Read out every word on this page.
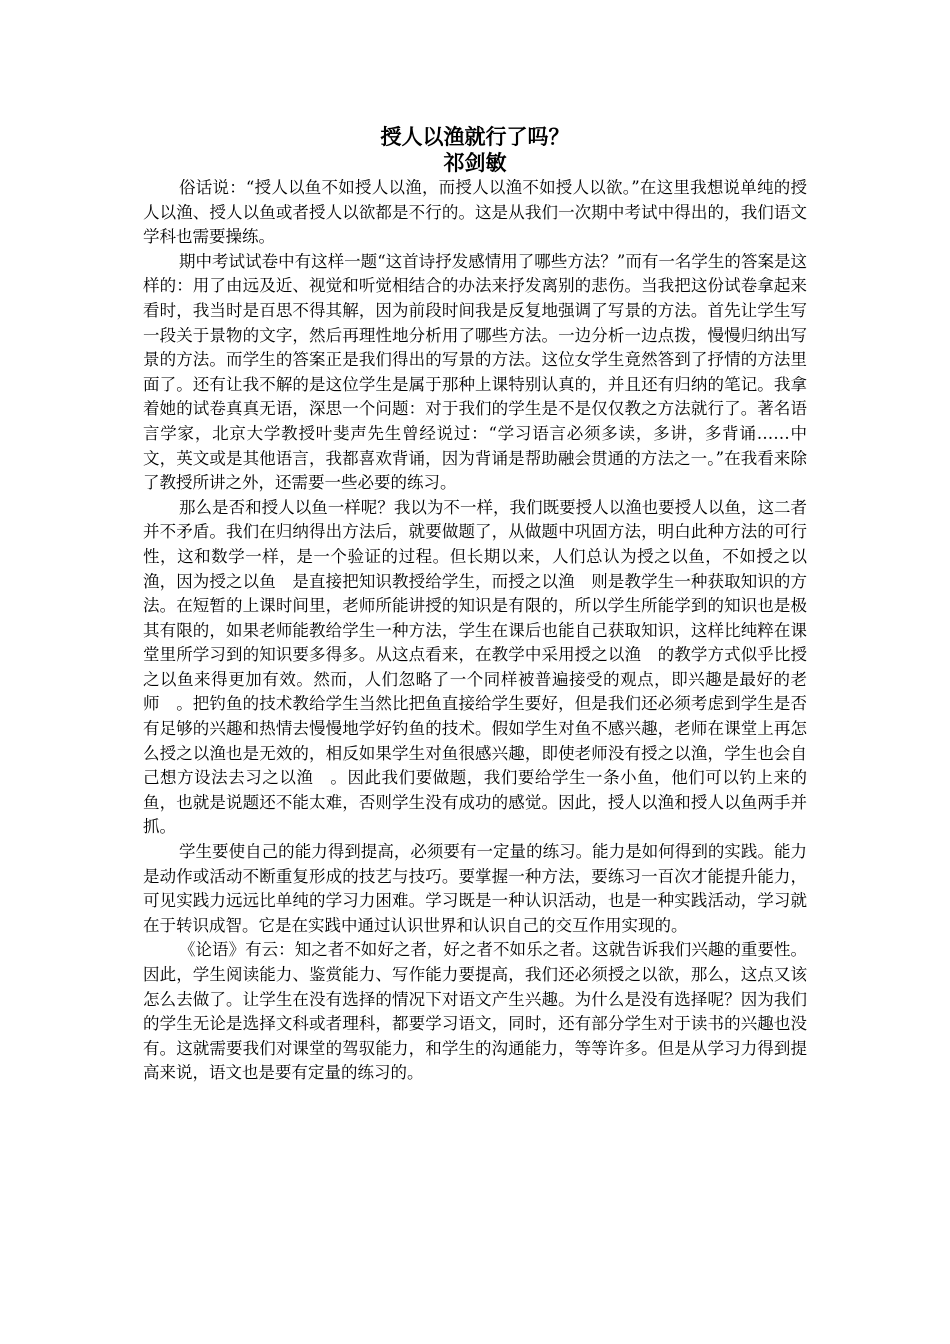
授人以渔就行了吗？
祁剑敏

俗话说：“授人以鱼不如授人以渔，而授人以渔不如授人以欲。”在这里我想说单纯的授人以渔、授人以鱼或者授人以欲都是不行的。这是从我们一次期中考试中得出的，我们语文学科也需要操练。

期中考试试卷中有这样一题“这首诗抒发感情用了哪些方法？”而有一名学生的答案是这样的：用了由远及近、视觉和听觉相结合的办法来抒发离别的悲伤。当我把这份试卷拿起来看时，我当时是百思不得其解，因为前段时间我是反复地强调了写景的方法。首先让学生写一段关于景物的文字，然后再理性地分析用了哪些方法。一边分析一边点拨，慢慢归纳出写景的方法。而学生的答案正是我们得出的写景的方法。这位女学生竟然答到了抒情的方法里面了。还有让我不解的是这位学生是属于那种上课特别认真的，并且还有归纳的笔记。我拿着她的试卷真真无语，深思一个问题：对于我们的学生是不是仅仅教之方法就行了。著名语言学家，北京大学教授叶斐声先生曾经说过：“学习语言必须多读，多讲，多背诵……中文，英文或是其他语言，我都喜欢背诵，因为背诵是帮助融会贯通的方法之一。”在我看来除了教授所讲之外，还需要一些必要的练习。

那么是否和授人以鱼一样呢？我以为不一样，我们既要授人以渔也要授人以鱼，这二者并不矛盾。我们在归纳得出方法后，就要做题了，从做题中巩固方法，明白此种方法的可行性，这和数学一样，是一个验证的过程。但长期以来，人们总认为授之以鱼，不如授之以渔，因为授之以鱼　是直接把知识教授给学生，而授之以渔　则是教学生一种获取知识的方法。在短暂的上课时间里，老师所能讲授的知识是有限的，所以学生所能学到的知识也是极其有限的，如果老师能教给学生一种方法，学生在课后也能自己获取知识，这样比纯粹在课堂里所学习到的知识要多得多。从这点看来，在教学中采用授之以渔　的教学方式似乎比授之以鱼来得更加有效。然而，人们忽略了一个同样被普遍接受的观点，即兴趣是最好的老师　。把钓鱼的技术教给学生当然比把鱼直接给学生要好，但是我们还必须考虑到学生是否有足够的兴趣和热情去慢慢地学好钓鱼的技术。假如学生对鱼不感兴趣，老师在课堂上再怎么授之以渔也是无效的，相反如果学生对鱼很感兴趣，即使老师没有授之以渔，学生也会自己想方设法去习之以渔　。因此我们要做题，我们要给学生一条小鱼，他们可以钓上来的鱼，也就是说题还不能太难，否则学生没有成功的感觉。因此，授人以渔和授人以鱼两手并抓。

学生要使自己的能力得到提高，必须要有一定量的练习。能力是如何得到的实践。能力是动作或活动不断重复形成的技艺与技巧。要掌握一种方法，要练习一百次才能提升能力，可见实践力远远比单纯的学习力困难。学习既是一种认识活动，也是一种实践活动，学习就在于转识成智。它是在实践中通过认识世界和认识自己的交互作用实现的。

《论语》有云：知之者不如好之者，好之者不如乐之者。这就告诉我们兴趣的重要性。因此，学生阅读能力、鉴赏能力、写作能力要提高，我们还必须授之以欲，那么，这点又该怎么去做了。让学生在没有选择的情况下对语文产生兴趣。为什么是没有选择呢？因为我们的学生无论是选择文科或者理科，都要学习语文，同时，还有部分学生对于读书的兴趣也没有。这就需要我们对课堂的驾驭能力，和学生的沟通能力，等等许多。但是从学习力得到提高来说，语文也是要有定量的练习的。
